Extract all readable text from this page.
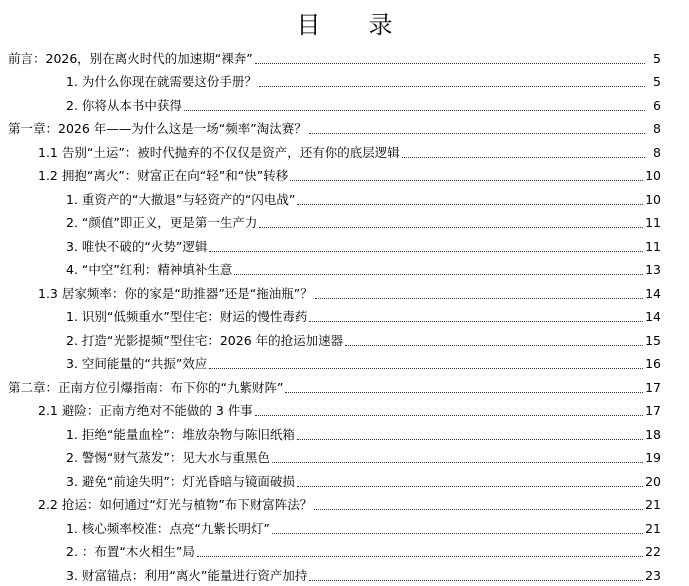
目 录
前言：2026，别在离火时代的加速期“裸奔”	5
1. 为什么你现在就需要这份手册？	5
2. 你将从本书中获得	6
第一章：2026 年——为什么这是一场“频率”淘汰赛？	8
1.1 告别“土运”：被时代抛弃的不仅仅是资产，还有你的底层逻辑	8
1.2 拥抱“离火”：财富正在向“轻”和“快”转移	10
1. 重资产的“大撤退”与轻资产的“闪电战”	10
2. “颜值”即正义，更是第一生产力	11
3. 唯快不破的“火势”逻辑	11
4. “中空”红利：精神填补生意	13
1.3 居家频率：你的家是“助推器”还是“拖油瓶”？	14
1. 识别“低频重水”型住宅：财运的慢性毒药	14
2. 打造“光影提频”型住宅：2026 年的抢运加速器	15
3. 空间能量的“共振”效应	16
第二章：正南方位引爆指南：布下你的“九紫财阵”	17
2.1 避险：正南方绝对不能做的 3 件事	17
1. 拒绝“能量血栓”：堆放杂物与陈旧纸箱	18
2. 警惕“财气蒸发”：见大水与重黑色	19
3. 避免“前途失明”：灯光昏暗与镜面破损	20
2.2 抢运：如何通过“灯光与植物”布下财富阵法？	21
1. 核心频率校准：点亮“九紫长明灯”	21
2. ：布置“木火相生”局	22
3. 财富锚点：利用“离火”能量进行资产加持	23
